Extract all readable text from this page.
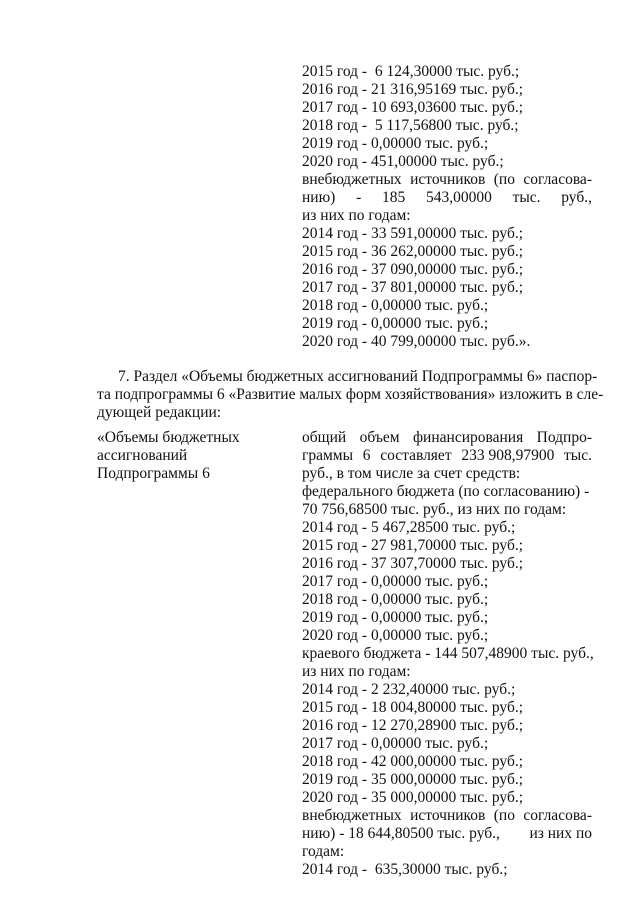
2015 год -  6 124,30000 тыс. руб.;
2016 год - 21 316,95169 тыс. руб.;
2017 год - 10 693,03600 тыс. руб.;
2018 год -  5 117,56800 тыс. руб.;
2019 год - 0,00000 тыс. руб.;
2020 год - 451,00000 тыс. руб.;
внебюджетных источников (по согласова-
нию) - 185 543,00000 тыс. руб.,
из них по годам:
2014 год - 33 591,00000 тыс. руб.;
2015 год - 36 262,00000 тыс. руб.;
2016 год - 37 090,00000 тыс. руб.;
2017 год - 37 801,00000 тыс. руб.;
2018 год - 0,00000 тыс. руб.;
2019 год - 0,00000 тыс. руб.;
2020 год - 40 799,00000 тыс. руб.».
7. Раздел «Объемы бюджетных ассигнований Подпрограммы 6» паспор-
та подпрограммы 6 «Развитие малых форм хозяйствования» изложить в сле-
дующей редакции:
«Объемы бюджетных
ассигнований
Подпрограммы 6
общий объем финансирования Подпро-
граммы 6 составляет 233 908,97900 тыс.
руб., в том числе за счет средств:
федерального бюджета (по согласованию) -
70 756,68500 тыс. руб., из них по годам:
2014 год - 5 467,28500 тыс. руб.;
2015 год - 27 981,70000 тыс. руб.;
2016 год - 37 307,70000 тыс. руб.;
2017 год - 0,00000 тыс. руб.;
2018 год - 0,00000 тыс. руб.;
2019 год - 0,00000 тыс. руб.;
2020 год - 0,00000 тыс. руб.;
краевого бюджета - 144 507,48900 тыс. руб.,
из них по годам:
2014 год - 2 232,40000 тыс. руб.;
2015 год - 18 004,80000 тыс. руб.;
2016 год - 12 270,28900 тыс. руб.;
2017 год - 0,00000 тыс. руб.;
2018 год - 42 000,00000 тыс. руб.;
2019 год - 35 000,00000 тыс. руб.;
2020 год - 35 000,00000 тыс. руб.;
внебюджетных источников (по согласова-
нию) - 18 644,80500 тыс. руб., из них по
годам:
2014 год -  635,30000 тыс. руб.;
